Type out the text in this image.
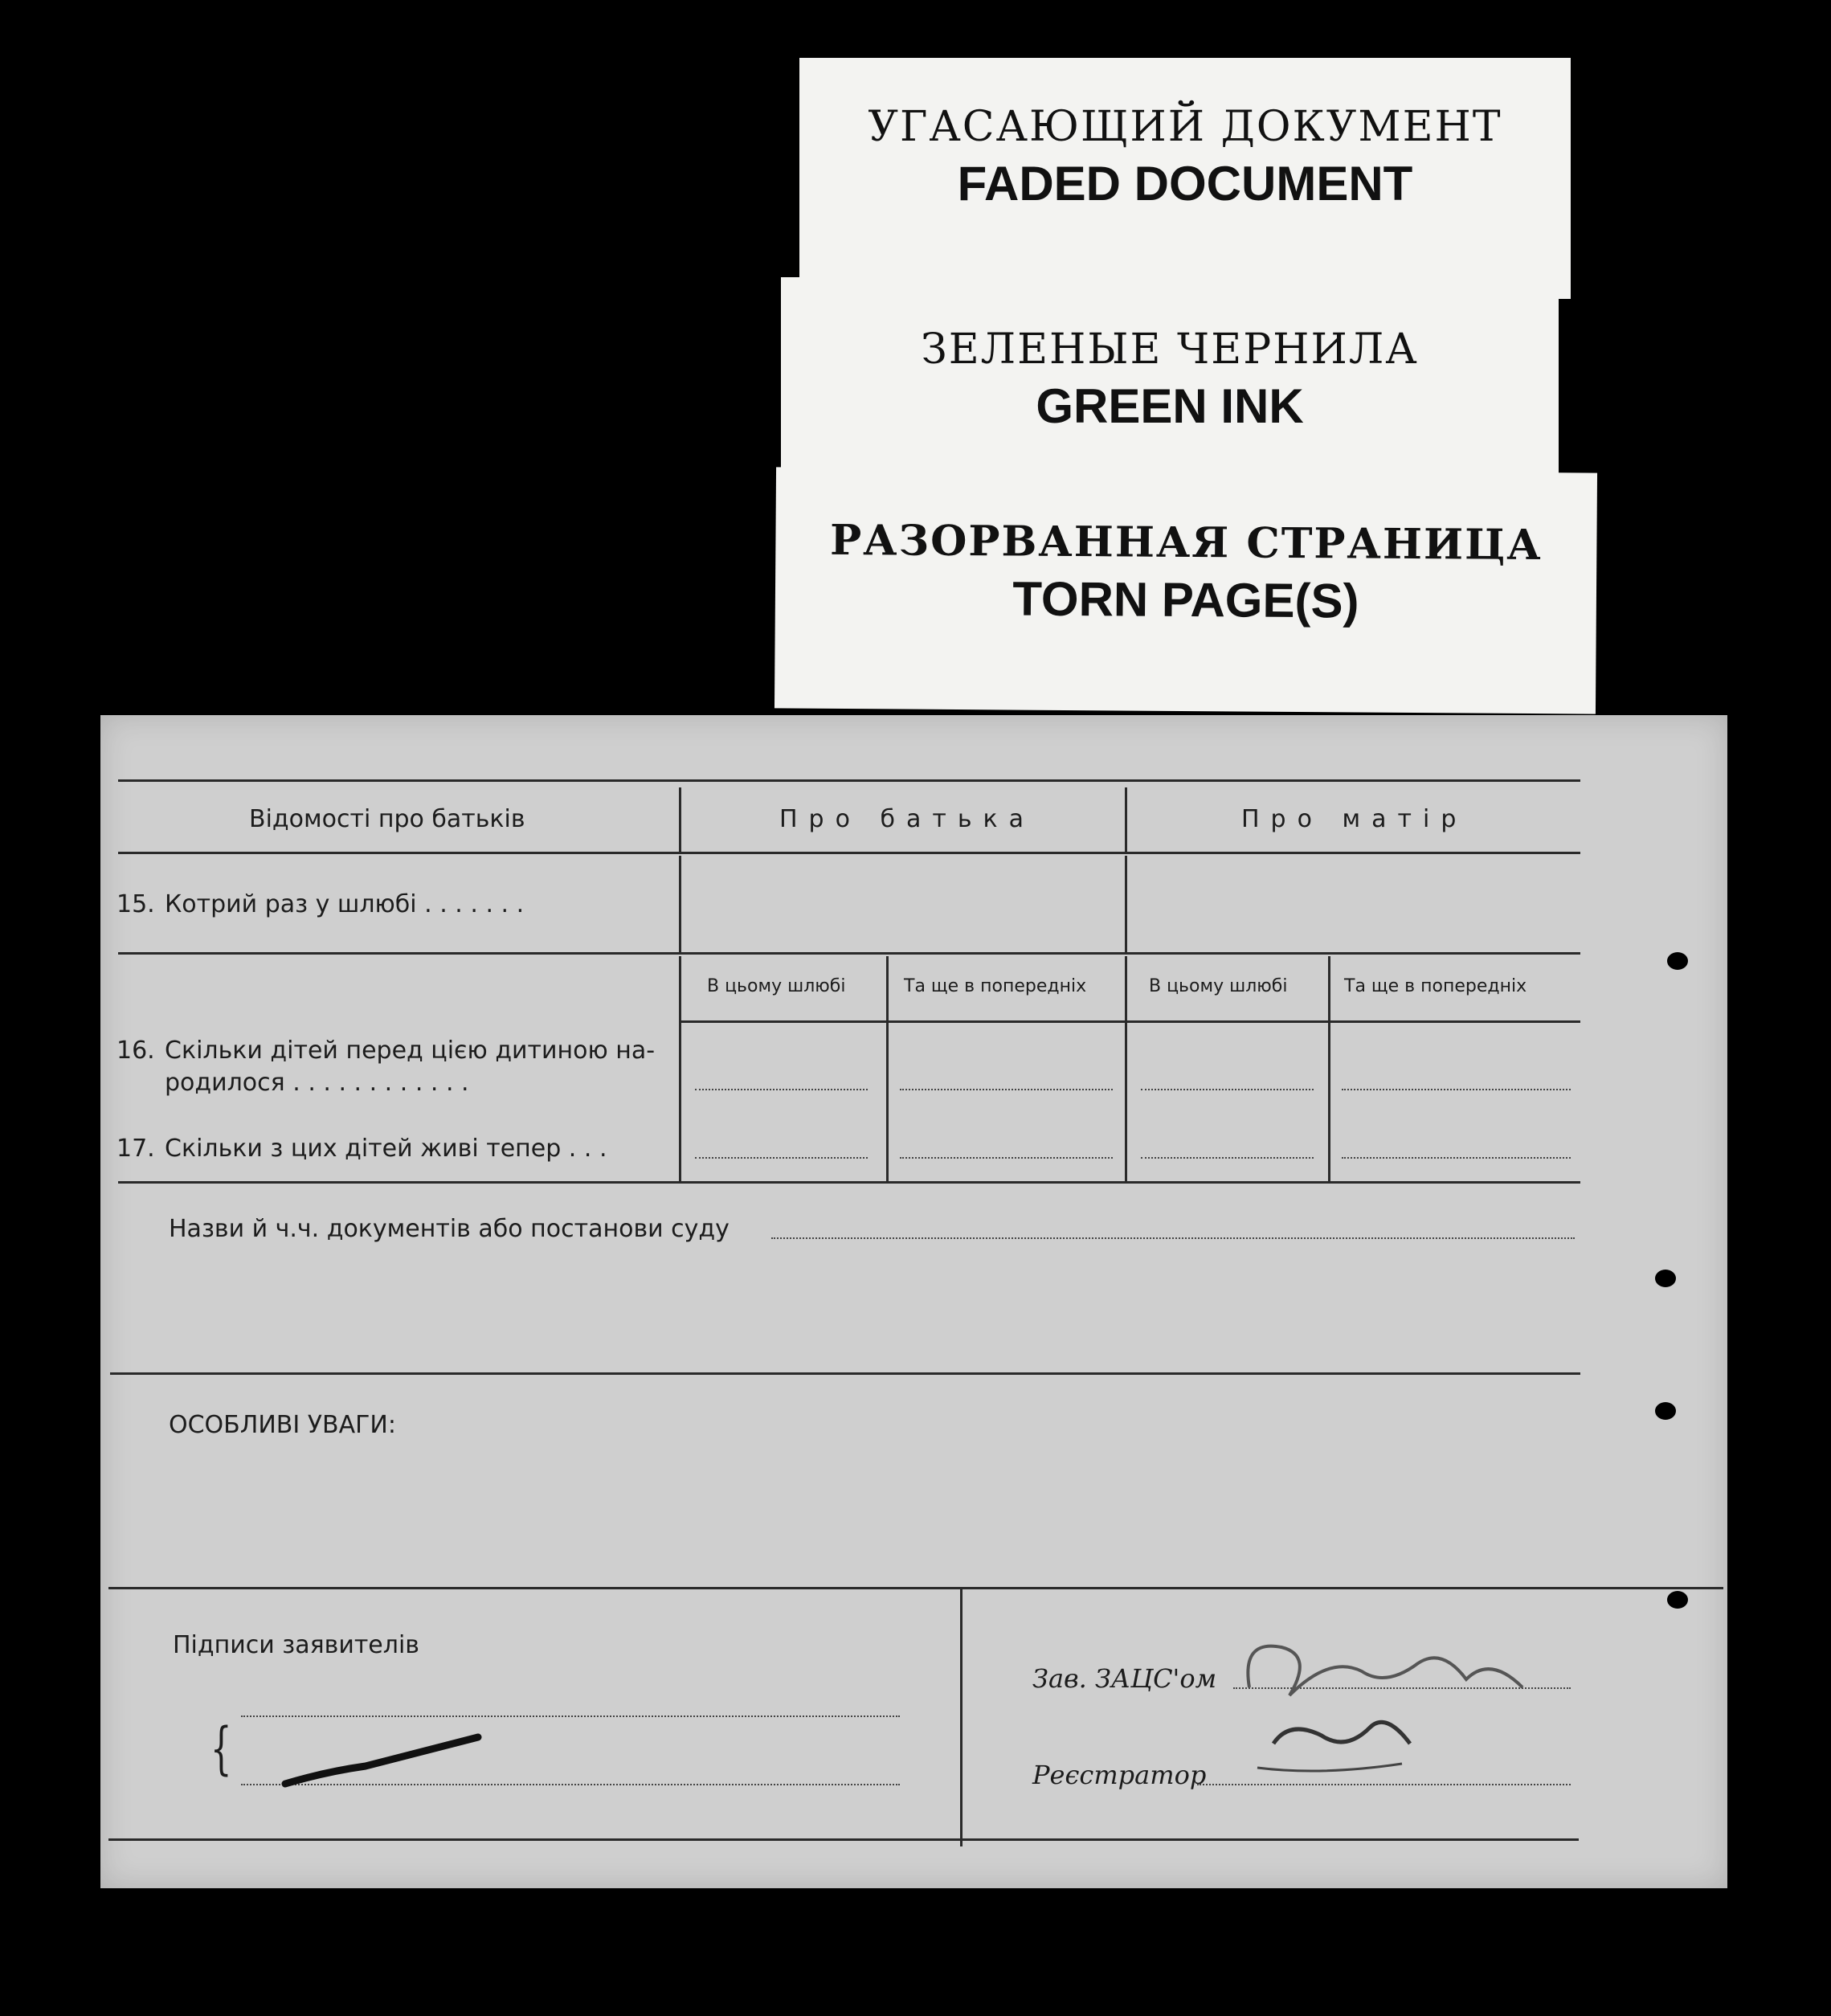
УГАСАЮЩИЙ ДОКУМЕНТ
FADED DOCUMENT
ЗЕЛЕНЫЕ ЧЕРНИЛА
GREEN INK
РАЗОРВАННАЯ СТРАНИЦА
TORN PAGE(S)
Відомості про батьків	Про батька	Про матір
15. Котрий раз у шлюбі . . . . . . .
В цьому шлюбі	Та ще в попередніх	В цьому шлюбі	Та ще в попередніх
16. Скільки дітей перед цією дитиною на-
родилося . . . . . . . . . . . .
17. Скільки з цих дітей живі тепер . . .
Назви й ч.ч. документів або постанови суду
ОСОБЛИВІ УВАГИ:
Підписи заявителів
{
Зав. ЗАЦС'ом
Реєстратор
